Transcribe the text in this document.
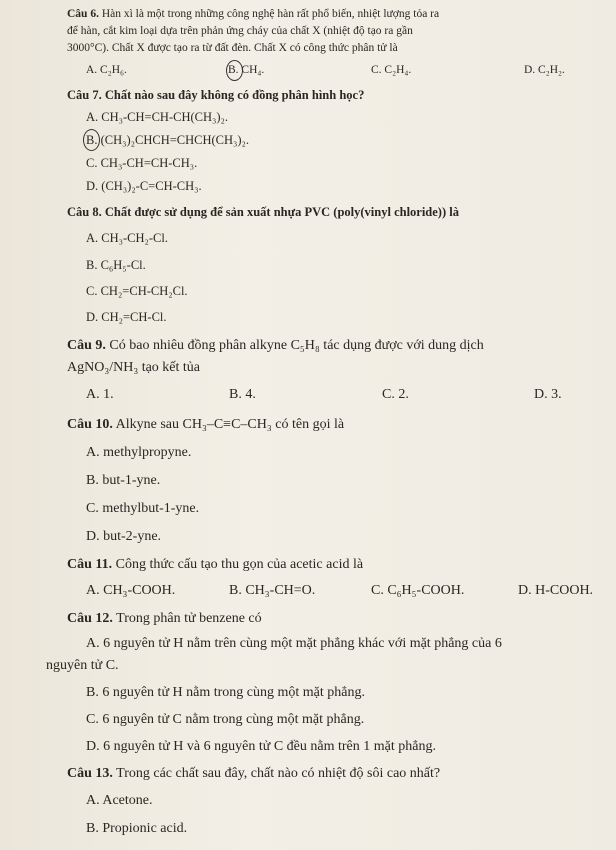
Câu 6. Hàn xì là một trong những công nghệ hàn rất phổ biến, nhiệt lượng tỏa ra
để hàn, cắt kim loại dựa trên phản ứng cháy của chất X (nhiệt độ tạo ra gần
3000°C). Chất X được tạo ra từ đất đèn. Chất X có công thức phân tử là
A. C₂H₆.	B. CH₄.	C. C₂H₄.	D. C₂H₂.
Câu 7. Chất nào sau đây không có đồng phân hình học?
A. CH₃-CH=CH-CH(CH₃)₂.
B. (CH₃)₂CHCH=CHCH(CH₃)₂.
C. CH₃-CH=CH-CH₃.
D. (CH₃)₂-C=CH-CH₃.
Câu 8. Chất được sử dụng để sản xuất nhựa PVC (poly(vinyl chloride)) là
A. CH₃-CH₂-Cl.
B. C₆H₅-Cl.
C. CH₂=CH-CH₂Cl.
D. CH₂=CH-Cl.
Câu 9. Có bao nhiêu đồng phân alkyne C₅H₈ tác dụng được với dung dịch
AgNO₃/NH₃ tạo kết tủa
A. 1.	B. 4.	C. 2.	D. 3.
Câu 10. Alkyne sau CH₃–C≡C–CH₃ có tên gọi là
A. methylpropyne.
B. but-1-yne.
C. methylbut-1-yne.
D. but-2-yne.
Câu 11. Công thức cấu tạo thu gọn của acetic acid là
A. CH₃-COOH.	B. CH₃-CH=O.	C. C₆H₅-COOH.	D. H-COOH.
Câu 12. Trong phân tử benzene có
A. 6 nguyên tử H nằm trên cùng một mặt phẳng khác với mặt phẳng của 6
nguyên tử C.
B. 6 nguyên tử H nằm trong cùng một mặt phẳng.
C. 6 nguyên tử C nằm trong cùng một mặt phẳng.
D. 6 nguyên tử H và 6 nguyên tử C đều nằm trên 1 mặt phẳng.
Câu 13. Trong các chất sau đây, chất nào có nhiệt độ sôi cao nhất?
A. Acetone.
B. Propionic acid.
